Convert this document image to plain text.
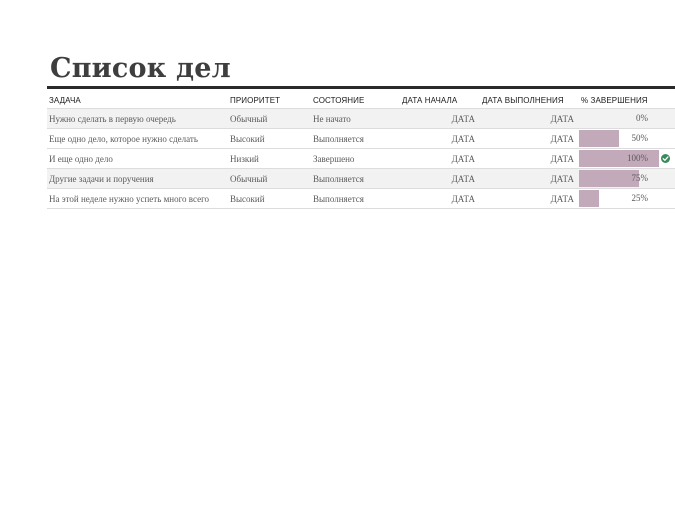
Список дел
ЗАДАЧА	ПРИОРИТЕТ	СОСТОЯНИЕ	ДАТА НАЧАЛА	ДАТА ВЫПОЛНЕНИЯ	% ЗАВЕРШЕНИЯ
Нужно сделать в первую очередь	Обычный	Не начато	ДАТА	ДАТА	0%

Еще одно дело, которое нужно сделать	Высокий	Выполняется	ДАТА	ДАТА	50%

И еще одно дело	Низкий	Завершено	ДАТА	ДАТА	100%

Другие задачи и поручения	Обычный	Выполняется	ДАТА	ДАТА	75%

На этой неделе нужно успеть много всего	Высокий	Выполняется	ДАТА	ДАТА	25%
